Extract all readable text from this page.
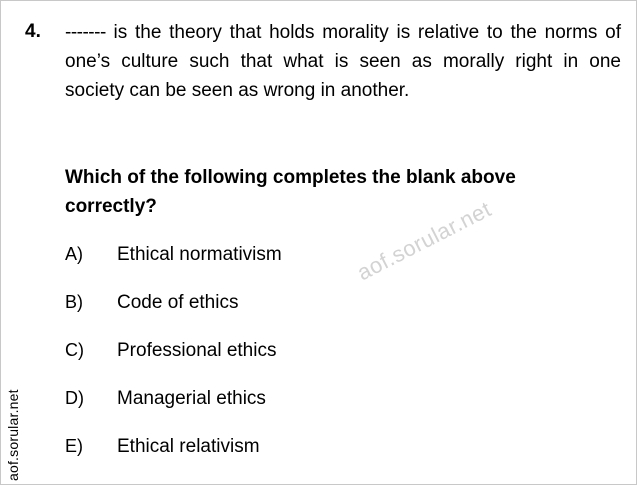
aof.sorular.net
4.	------- is the theory that holds morality is relative to the norms of one’s culture such that what is seen as morally right in one society can be seen as wrong in another.
Which of the following completes the blank above correctly?
A)	Ethical normativism
B)	Code of ethics
C)	Professional ethics
D)	Managerial ethics
E)	Ethical relativism
aof.sorular.net
